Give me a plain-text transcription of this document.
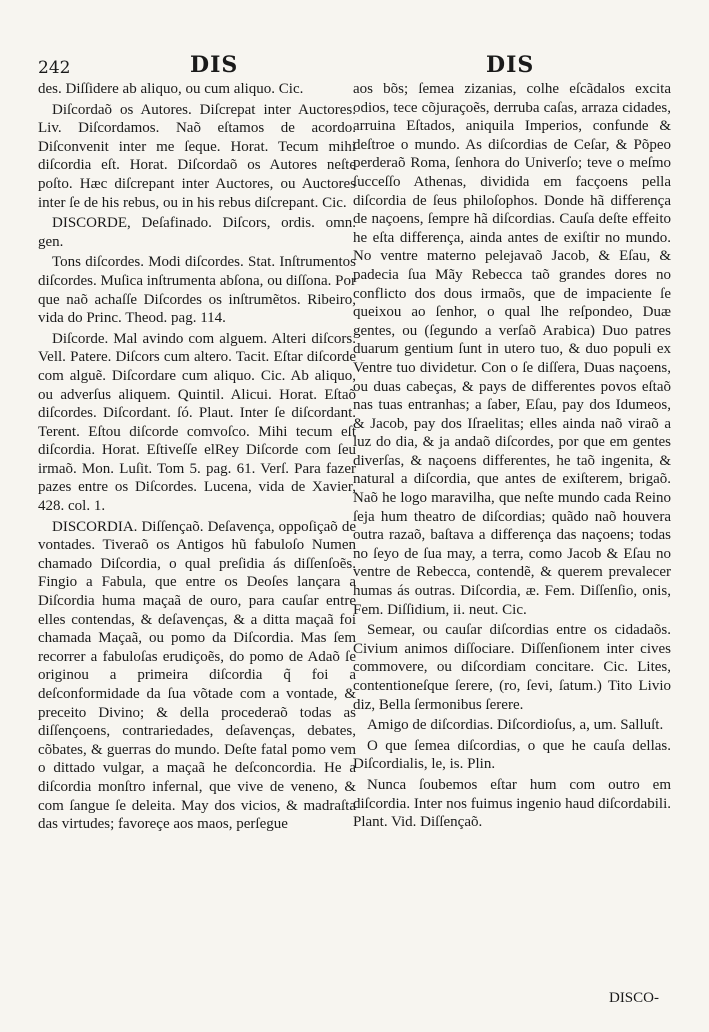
242	DIS	DIS

des. Diſſidere ab aliquo, ou cum aliquo. Cic.

Diſcordaõ os Autores. Diſcrepat inter Auctores. Liv. Diſcordamos. Naõ eſtamos de acordo. Diſconvenit inter me ſeque. Horat. Tecum mihi diſcordia eſt. Horat. Diſcordaõ os Autores neſte poſto. Hæc diſcrepant inter Auctores, ou Auctores inter ſe de his rebus, ou in his rebus diſcrepant. Cic.

DISCORDE, Deſafinado. Diſcors, ordis. omn. gen.

Tons diſcordes. Modi diſcordes. Stat. Inſtrumentos diſcordes. Muſica inſtrumenta abſona, ou diſſona. Por que naõ achaſſe Diſcordes os inſtrumẽtos. Ribeiro, vida do Princ. Theod. pag. 114.

Diſcorde. Mal avindo com alguem. Alteri diſcors. Vell. Patere. Diſcors cum altero. Tacit. Eſtar diſcorde com alguẽ. Diſcordare cum aliquo. Cic. Ab aliquo, ou adverſus aliquem. Quintil. Alicui. Horat. Eſtaõ diſcordes. Diſcordant. ſó. Plaut. Inter ſe diſcordant. Terent. Eſtou diſcorde comvoſco. Mihi tecum eſt diſcordia. Horat. Eſtiveſſe elRey Diſcorde com ſeu irmaõ. Mon. Luſit. Tom 5. pag. 61. Verſ. Para fazer pazes entre os Diſcordes. Lucena, vida de Xavier, 428. col. 1.

DISCORDIA. Diſſençaõ. Deſavença, oppoſiçaõ de vontades. Tiveraõ os Antigos hũ fabuloſo Numen chamado Diſcordia, o qual preſidia ás diſſenſoẽs. Fingio a Fabula, que entre os Deoſes lançara a Diſcordia huma maçaã de ouro, para cauſar entre elles contendas, & deſavenças, & a ditta maçaã foi chamada Maçaã, ou pomo da Diſcordia. Mas ſem recorrer a fabuloſas erudiçoẽs, do pomo de Adaõ ſe originou a primeira diſcordia q̃ foi a deſconformidade da ſua võtade com a vontade, & preceito Divino; & della procederaõ todas as diſſençoens, contrariedades, deſavenças, debates, cõbates, & guerras do mundo. Deſte fatal pomo vem o dittado vulgar, a maçaã he deſconcordia. He a diſcordia monſtro infernal, que vive de veneno, & com ſangue ſe deleita. May dos vicios, & madraſta das virtudes; favoreçe aos maos, perſegue

aos bõs; ſemea zizanias, colhe eſcãdalos excita odios, tece cõjuraçoẽs, derruba caſas, arraza cidades, arruina Eſtados, aniquila Imperios, confunde & deſtroe o mundo. As diſcordias de Ceſar, & Põpeo perderaõ Roma, ſenhora do Univerſo; teve o meſmo ſucceſſo Athenas, dividida em facçoens pella diſcordia de ſeus philoſophos. Donde hã differença de naçoens, ſempre hã diſcordias. Cauſa deſte effeito he eſta differença, ainda antes de exiſtir no mundo. No ventre materno pelejavaõ Jacob, & Eſau, & padecia ſua Mãy Rebecca taõ grandes dores no conflicto dos dous irmaõs, que de impaciente ſe queixou ao ſenhor, o qual lhe reſpondeo, Duæ gentes, ou (ſegundo a verſaõ Arabica) Duo patres duarum gentium ſunt in utero tuo, & duo populi ex Ventre tuo dividetur. Con o ſe diſſera, Duas naçoens, ou duas cabeças, & pays de differentes povos eſtaõ nas tuas entranhas; a ſaber, Eſau, pay dos Idumeos, & Jacob, pay dos Iſraelitas; elles ainda naõ viraõ a luz do dia, & ja andaõ diſcordes, por que em gentes diverſas, & naçoens differentes, he taõ ingenita, & natural a diſcordia, que antes de exiſterem, brigaõ. Naõ he logo maravilha, que neſte mundo cada Reino ſeja hum theatro de diſcordias; quãdo naõ houvera outra razaõ, baſtava a differença das naçoens; todas no ſeyo de ſua may, a terra, como Jacob & Eſau no ventre de Rebecca, contendẽ, & querem prevalecer humas ás outras. Diſcordia, æ. Fem. Diſſenſio, onis, Fem. Diſſidium, ii. neut. Cic.

Semear, ou cauſar diſcordias entre os cidadaõs. Civium animos diſſociare. Diſſenſionem inter cives commovere, ou diſcordiam concitare. Cic. Lites, contentioneſque ſerere, (ro, ſevi, ſatum.) Tito Livio diz, Bella ſermonibus ſerere.

Amigo de diſcordias. Diſcordioſus, a, um. Salluſt.

O que ſemea diſcordias, o que he cauſa dellas. Diſcordialis, le, is. Plin.

Nunca ſoubemos eſtar hum com outro em diſcordia. Inter nos fuimus ingenio haud diſcordabili. Plant. Vid. Diſſençaõ.

DISCO-
